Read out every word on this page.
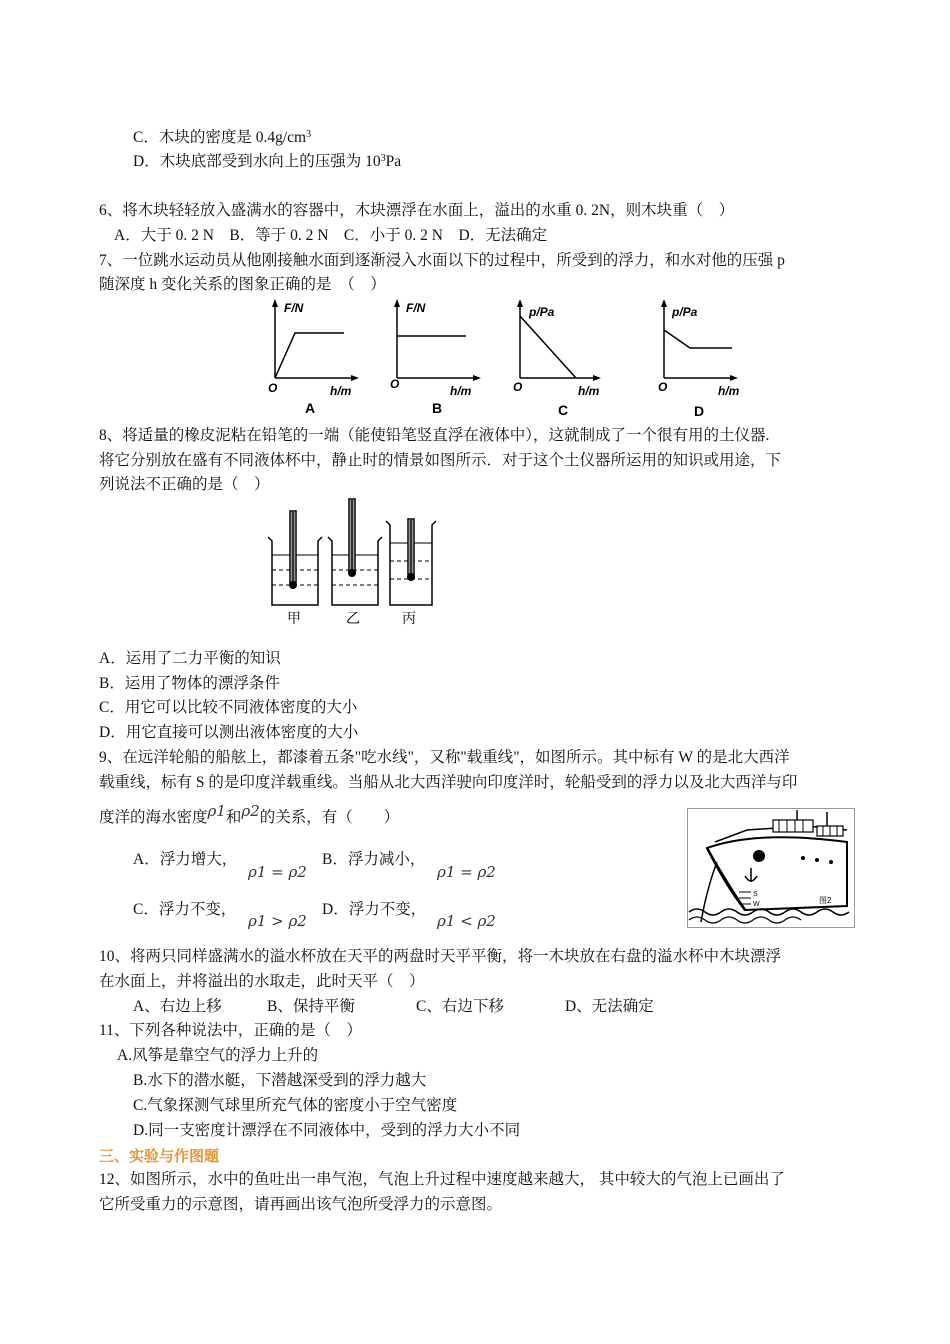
C．木块的密度是 $0.4g/cm^3$
D．木块底部受到水向上的压强为 $10^3Pa$
6、将木块轻轻放入盛满水的容器中，木块漂浮在水面上，溢出的水重 0. 2N，则木块重（　）
A．大于 0. 2 N　B．等于 0. 2 N　C．小于 0. 2 N　D．无法确定
7、一位跳水运动员从他刚接触水面到逐渐浸入水面以下的过程中，所受到的浮力，和水对他的压强 p
随深度 h 变化关系的图象正确的是　（　）
F/N
O	h/m
A
F/N
O	h/m
B
p/Pa
O	h/m
C
p/Pa
O	h/m
D
8、将适量的橡皮泥粘在铅笔的一端（能使铅笔竖直浮在液体中），这就制成了一个很有用的土仪器.
将它分别放在盛有不同液体杯中，静止时的情景如图所示．对于这个土仪器所运用的知识或用途，下
列说法不正确的是（　）
甲	乙	丙
A．运用了二力平衡的知识
B．运用了物体的漂浮条件
C．用它可以比较不同液体密度的大小
D．用它直接可以测出液体密度的大小
9、在远洋轮船的船舷上，都漆着五条"吃水线"，又称"载重线"，如图所示。其中标有 W 的是北大西洋
载重线，标有 S 的是印度洋载重线。当船从北大西洋驶向印度洋时，轮船受到的浮力以及北大西洋与印
度洋的海水密度ρ1和ρ2的关系，有（　　）
A．浮力增大，
ρ1 = ρ2
B．浮力减小，
ρ1 = ρ2
C．浮力不变，
ρ1 > ρ2
D．浮力不变，
ρ1 < ρ2
S
W	图2
10、将两只同样盛满水的溢水杯放在天平的两盘时天平平衡，将一木块放在右盘的溢水杯中木块漂浮
在水面上，并将溢出的水取走，此时天平（　）
A、右边上移	B、保持平衡	C、右边下移	D、无法确定
11、下列各种说法中，正确的是（　）
A.风筝是靠空气的浮力上升的
B.水下的潜水艇，下潜越深受到的浮力越大
C.气象探测气球里所充气体的密度小于空气密度
D.同一支密度计漂浮在不同液体中，受到的浮力大小不同
三、实验与作图题
12、如图所示，水中的鱼吐出一串气泡，气泡上升过程中速度越来越大， 其中较大的气泡上已画出了
它所受重力的示意图，请再画出该气泡所受浮力的示意图。
